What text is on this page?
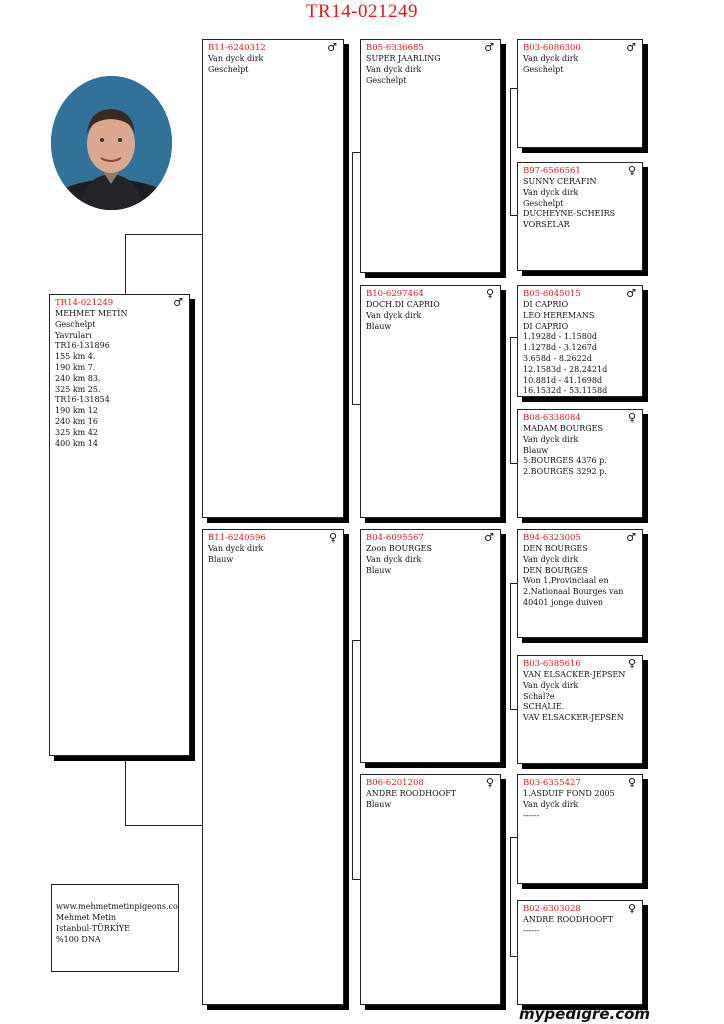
TR14-021249
TR14-021249	♂
MEHMET METİN
Geschelpt
Yavruları
TR16-131896
155 km 4.
190 km 7.
240 km 83.
325 km 25.
TR16-131854
190 km 12
240 km 16
325 km 42
400 km 14
B11-6240312	♂
Van dyck dirk
Geschelpt
B11-6240596	♀
Van dyck dirk
Blauw
B05-6336685	♂
SUPER JAARLING
Van dyck dirk
Geschelpt
B10-6297464	♀
DOCH.DI CAPRIO
Van dyck dirk
Blauw
B04-6095567	♂
Zoon BOURGES
Van dyck dirk
Blauw
B06-6201208	♀
ANDRE ROODHOOFT
Blauw
B03-6086300	♂
Van dyck dirk
Geschelpt
B97-6566561	♀
SUNNY CERAFIN
Van dyck dirk
Geschelpt
DUCHEYNE-SCHEIRS
VORSELAR
B05-6045015	♂
DI CAPRIO
LEO HEREMANS
DI CAPRIO
1.1928d - 1.1580d
1.1278d - 3.1267d
3.658d - 8.2622d
12.1583d - 28.2421d
10.881d - 41.1698d
16.1532d - 53.1158d
B08-6338084	♀
MADAM BOURGES
Van dyck dirk
Blauw
5.BOURGES 4376 p.
2.BOURGES 3292 p.
B94-6323005	♂
DEN BOURGES
Van dyck dirk
DEN BOURGES
Won 1.Provinciaal en
2.Nationaal Bourges van
40401 jonge duiven
B03-6385616	♀
VAN ELSACKER-JEPSEN
Van dyck dirk
Schal?e
SCHALIE.
VAV ELSACKER-JEPSEN
B03-6355427	♀
1.ASDUIF FOND 2005
Van dyck dirk
------
B02-6303028	♀
ANDRE ROODHOOFT
------
www.mehmetmetinpigeons.co
Mehmet Metin
Istanbul-TÜRKİYE
%100 DNA
mypedigre.com
